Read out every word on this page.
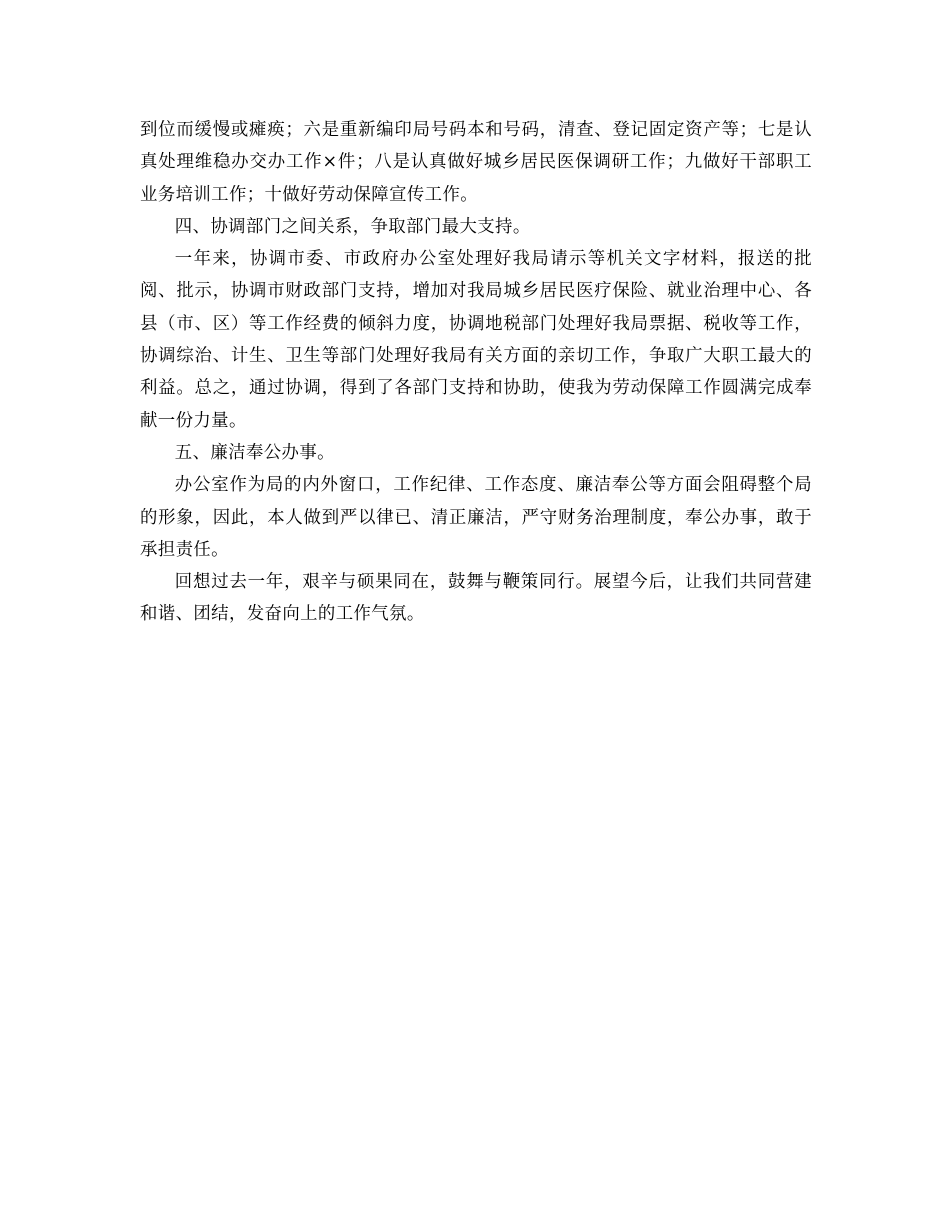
到位而缓慢或瘫痪；六是重新编印局号码本和号码，清查、登记固定资产等；七是认真处理维稳办交办工作×件；八是认真做好城乡居民医保调研工作；九做好干部职工业务培训工作；十做好劳动保障宣传工作。

四、协调部门之间关系，争取部门最大支持。

一年来，协调市委、市政府办公室处理好我局请示等机关文字材料，报送的批阅、批示，协调市财政部门支持，增加对我局城乡居民医疗保险、就业治理中心、各县（市、区）等工作经费的倾斜力度，协调地税部门处理好我局票据、税收等工作，协调综治、计生、卫生等部门处理好我局有关方面的亲切工作，争取广大职工最大的利益。总之，通过协调，得到了各部门支持和协助，使我为劳动保障工作圆满完成奉献一份力量。

五、廉洁奉公办事。

办公室作为局的内外窗口，工作纪律、工作态度、廉洁奉公等方面会阻碍整个局的形象，因此，本人做到严以律已、清正廉洁，严守财务治理制度，奉公办事，敢于承担责任。

回想过去一年，艰辛与硕果同在，鼓舞与鞭策同行。展望今后，让我们共同营建和谐、团结，发奋向上的工作气氛。
